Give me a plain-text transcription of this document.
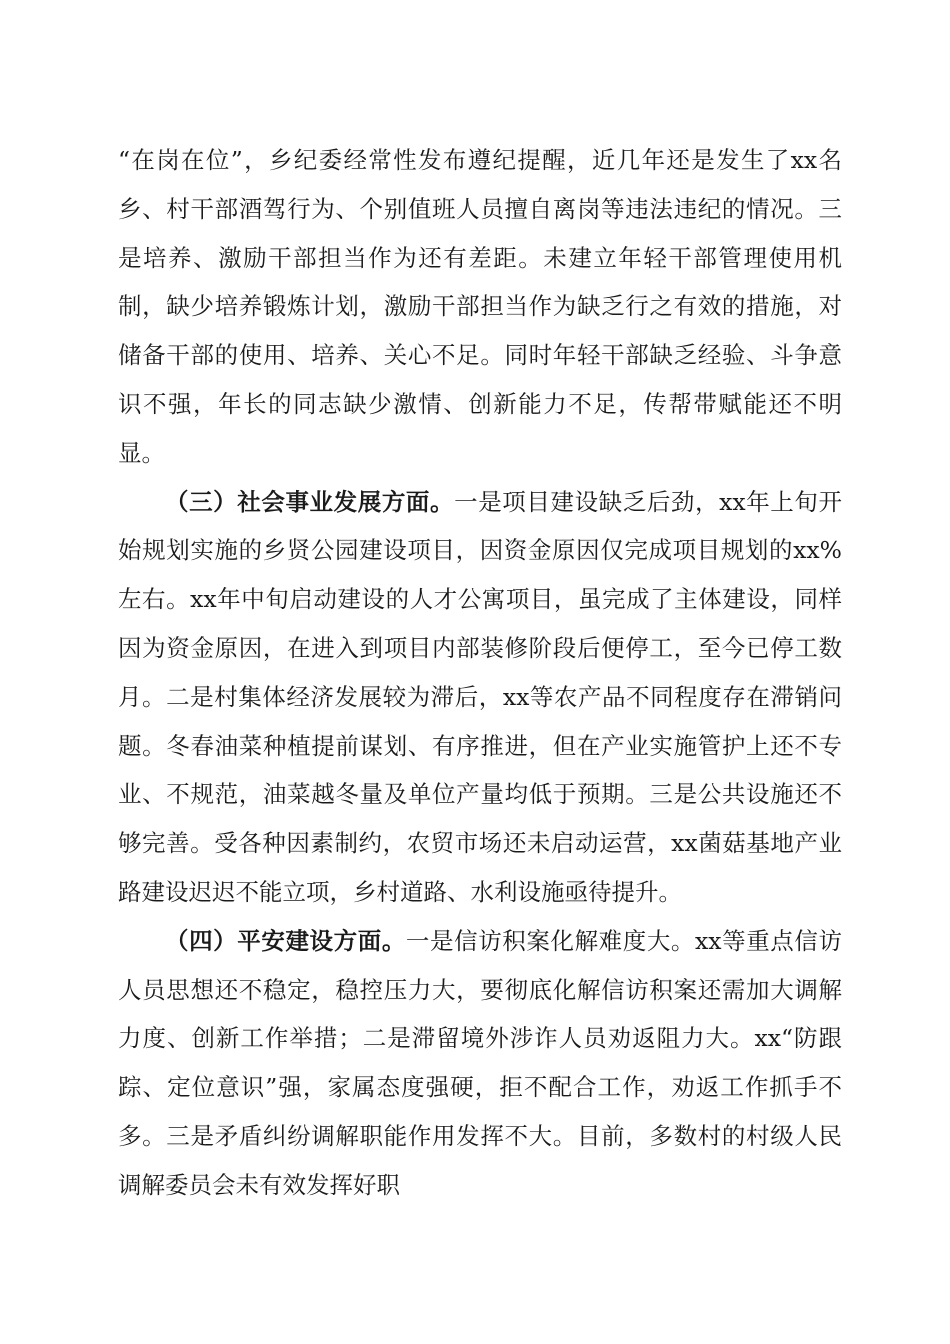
“在岗在位”，乡纪委经常性发布遵纪提醒，近几年还是发生了xx名乡、村干部酒驾行为、个别值班人员擅自离岗等违法违纪的情况。三是培养、激励干部担当作为还有差距。未建立年轻干部管理使用机制，缺少培养锻炼计划，激励干部担当作为缺乏行之有效的措施，对储备干部的使用、培养、关心不足。同时年轻干部缺乏经验、斗争意识不强，年长的同志缺少激情、创新能力不足，传帮带赋能还不明显。

（三）社会事业发展方面。一是项目建设缺乏后劲，xx年上旬开始规划实施的乡贤公园建设项目，因资金原因仅完成项目规划的xx%左右。xx年中旬启动建设的人才公寓项目，虽完成了主体建设，同样因为资金原因，在进入到项目内部装修阶段后便停工，至今已停工数月。二是村集体经济发展较为滞后，xx等农产品不同程度存在滞销问题。冬春油菜种植提前谋划、有序推进，但在产业实施管护上还不专业、不规范，油菜越冬量及单位产量均低于预期。三是公共设施还不够完善。受各种因素制约，农贸市场还未启动运营，xx菌菇基地产业路建设迟迟不能立项，乡村道路、水利设施亟待提升。

（四）平安建设方面。一是信访积案化解难度大。xx等重点信访人员思想还不稳定，稳控压力大，要彻底化解信访积案还需加大调解力度、创新工作举措；二是滞留境外涉诈人员劝返阻力大。xx“防跟踪、定位意识”强，家属态度强硬，拒不配合工作，劝返工作抓手不多。三是矛盾纠纷调解职能作用发挥不大。目前，多数村的村级人民调解委员会未有效发挥好职
